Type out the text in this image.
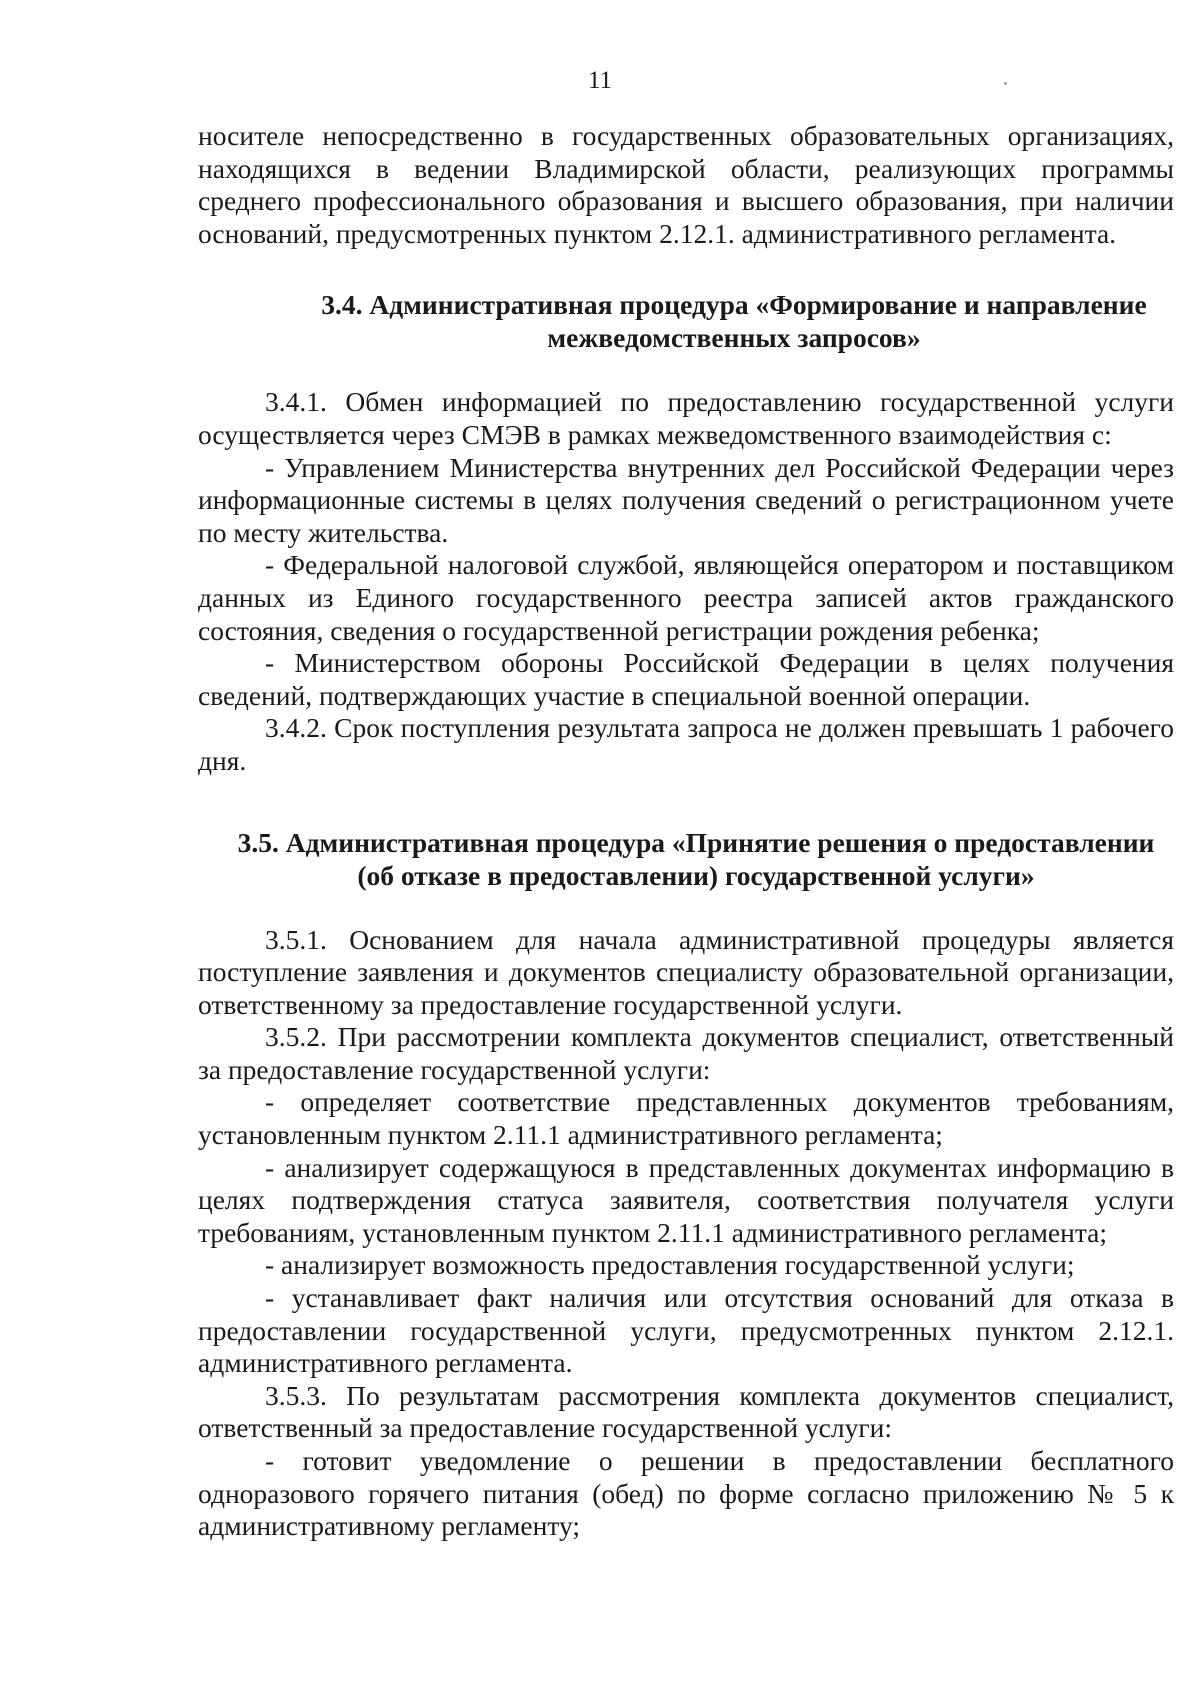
11

носителе непосредственно в государственных образовательных организациях, находящихся в ведении Владимирской области, реализующих программы среднего профессионального образования и высшего образования, при наличии оснований, предусмотренных пунктом 2.12.1. административного регламента.

3.4. Административная процедура «Формирование и направление
межведомственных запросов»

3.4.1. Обмен информацией по предоставлению государственной услуги осуществляется через СМЭВ в рамках межведомственного взаимодействия с:

- Управлением Министерства внутренних дел Российской Федерации через информационные системы в целях получения сведений о регистрационном учете по месту жительства.

- Федеральной налоговой службой, являющейся оператором и поставщиком данных из Единого государственного реестра записей актов гражданского состояния, сведения о государственной регистрации рождения ребенка;

- Министерством обороны Российской Федерации в целях получения сведений, подтверждающих участие в специальной военной операции.

3.4.2. Срок поступления результата запроса не должен превышать 1 рабочего дня.

3.5. Административная процедура «Принятие решения о предоставлении
(об отказе в предоставлении) государственной услуги»

3.5.1. Основанием для начала административной процедуры является поступление заявления и документов специалисту образовательной организации, ответственному за предоставление государственной услуги.

3.5.2. При рассмотрении комплекта документов специалист, ответственный за предоставление государственной услуги:

- определяет соответствие представленных документов требованиям, установленным пунктом 2.11.1 административного регламента;

- анализирует содержащуюся в представленных документах информацию в целях подтверждения статуса заявителя, соответствия получателя услуги требованиям, установленным пунктом 2.11.1 административного регламента;

- анализирует возможность предоставления государственной услуги;

- устанавливает факт наличия или отсутствия оснований для отказа в предоставлении государственной услуги, предусмотренных пунктом 2.12.1. административного регламента.

3.5.3. По результатам рассмотрения комплекта документов специалист, ответственный за предоставление государственной услуги:

- готовит уведомление о решении в предоставлении бесплатного одноразового горячего питания (обед) по форме согласно приложению № 5 к административному регламенту;
